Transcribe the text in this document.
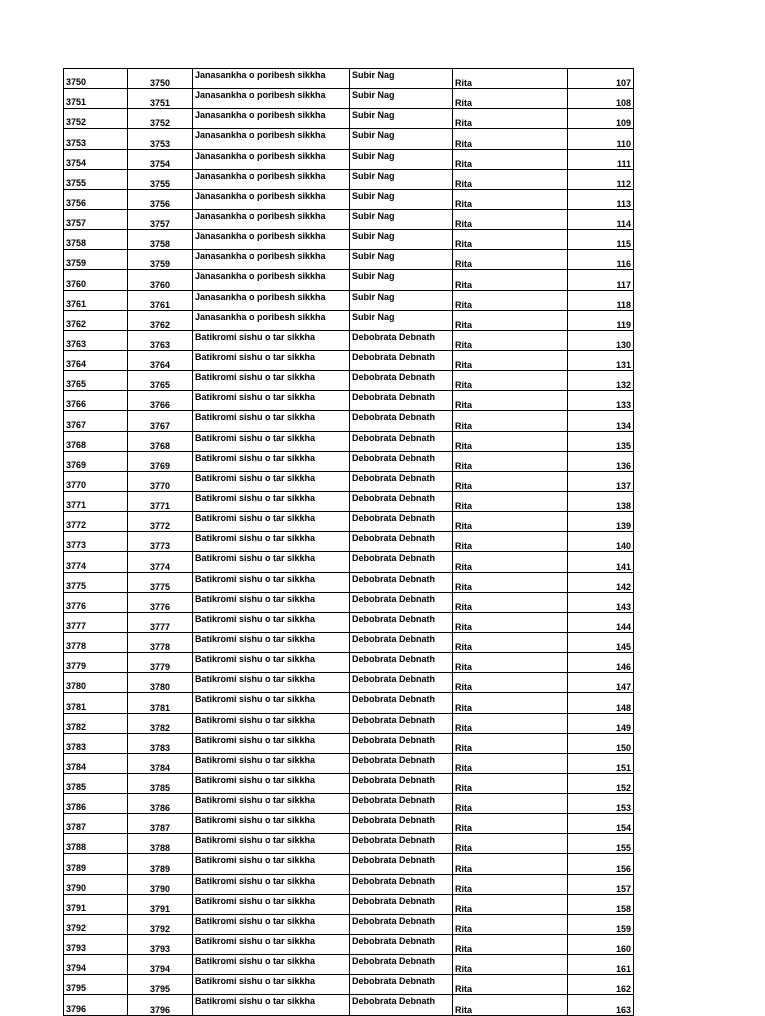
3750	3750	Janasankha o poribesh sikkha	Subir Nag	Rita	107
3751	3751	Janasankha o poribesh sikkha	Subir Nag	Rita	108
3752	3752	Janasankha o poribesh sikkha	Subir Nag	Rita	109
3753	3753	Janasankha o poribesh sikkha	Subir Nag	Rita	110
3754	3754	Janasankha o poribesh sikkha	Subir Nag	Rita	111
3755	3755	Janasankha o poribesh sikkha	Subir Nag	Rita	112
3756	3756	Janasankha o poribesh sikkha	Subir Nag	Rita	113
3757	3757	Janasankha o poribesh sikkha	Subir Nag	Rita	114
3758	3758	Janasankha o poribesh sikkha	Subir Nag	Rita	115
3759	3759	Janasankha o poribesh sikkha	Subir Nag	Rita	116
3760	3760	Janasankha o poribesh sikkha	Subir Nag	Rita	117
3761	3761	Janasankha o poribesh sikkha	Subir Nag	Rita	118
3762	3762	Janasankha o poribesh sikkha	Subir Nag	Rita	119
3763	3763	Batikromi sishu o tar sikkha	Debobrata Debnath	Rita	130
3764	3764	Batikromi sishu o tar sikkha	Debobrata Debnath	Rita	131
3765	3765	Batikromi sishu o tar sikkha	Debobrata Debnath	Rita	132
3766	3766	Batikromi sishu o tar sikkha	Debobrata Debnath	Rita	133
3767	3767	Batikromi sishu o tar sikkha	Debobrata Debnath	Rita	134
3768	3768	Batikromi sishu o tar sikkha	Debobrata Debnath	Rita	135
3769	3769	Batikromi sishu o tar sikkha	Debobrata Debnath	Rita	136
3770	3770	Batikromi sishu o tar sikkha	Debobrata Debnath	Rita	137
3771	3771	Batikromi sishu o tar sikkha	Debobrata Debnath	Rita	138
3772	3772	Batikromi sishu o tar sikkha	Debobrata Debnath	Rita	139
3773	3773	Batikromi sishu o tar sikkha	Debobrata Debnath	Rita	140
3774	3774	Batikromi sishu o tar sikkha	Debobrata Debnath	Rita	141
3775	3775	Batikromi sishu o tar sikkha	Debobrata Debnath	Rita	142
3776	3776	Batikromi sishu o tar sikkha	Debobrata Debnath	Rita	143
3777	3777	Batikromi sishu o tar sikkha	Debobrata Debnath	Rita	144
3778	3778	Batikromi sishu o tar sikkha	Debobrata Debnath	Rita	145
3779	3779	Batikromi sishu o tar sikkha	Debobrata Debnath	Rita	146
3780	3780	Batikromi sishu o tar sikkha	Debobrata Debnath	Rita	147
3781	3781	Batikromi sishu o tar sikkha	Debobrata Debnath	Rita	148
3782	3782	Batikromi sishu o tar sikkha	Debobrata Debnath	Rita	149
3783	3783	Batikromi sishu o tar sikkha	Debobrata Debnath	Rita	150
3784	3784	Batikromi sishu o tar sikkha	Debobrata Debnath	Rita	151
3785	3785	Batikromi sishu o tar sikkha	Debobrata Debnath	Rita	152
3786	3786	Batikromi sishu o tar sikkha	Debobrata Debnath	Rita	153
3787	3787	Batikromi sishu o tar sikkha	Debobrata Debnath	Rita	154
3788	3788	Batikromi sishu o tar sikkha	Debobrata Debnath	Rita	155
3789	3789	Batikromi sishu o tar sikkha	Debobrata Debnath	Rita	156
3790	3790	Batikromi sishu o tar sikkha	Debobrata Debnath	Rita	157
3791	3791	Batikromi sishu o tar sikkha	Debobrata Debnath	Rita	158
3792	3792	Batikromi sishu o tar sikkha	Debobrata Debnath	Rita	159
3793	3793	Batikromi sishu o tar sikkha	Debobrata Debnath	Rita	160
3794	3794	Batikromi sishu o tar sikkha	Debobrata Debnath	Rita	161
3795	3795	Batikromi sishu o tar sikkha	Debobrata Debnath	Rita	162
3796	3796	Batikromi sishu o tar sikkha	Debobrata Debnath	Rita	163
